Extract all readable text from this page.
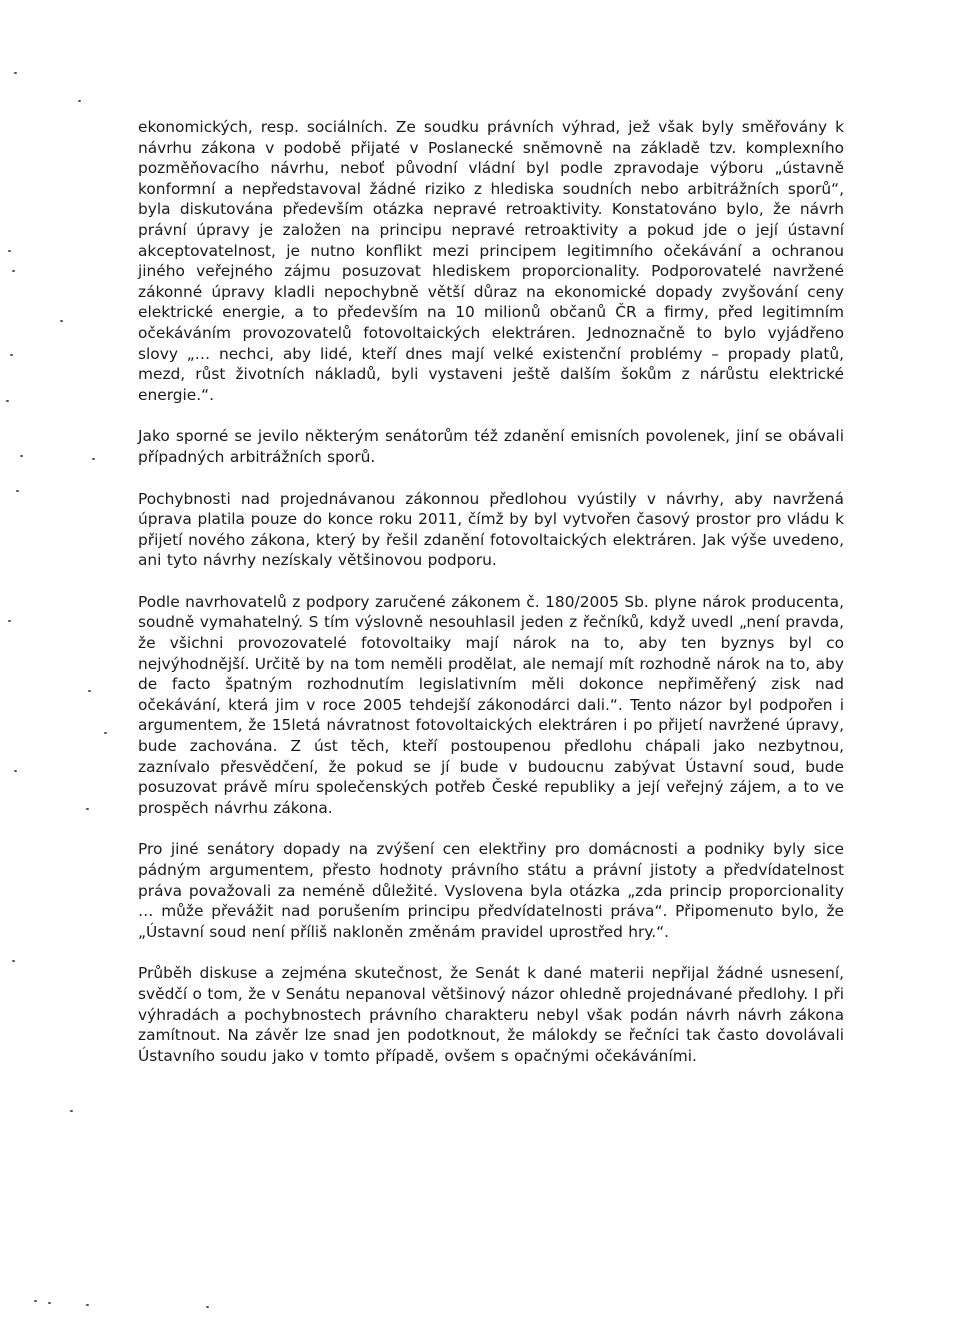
ekonomických, resp. sociálních. Ze soudku právních výhrad, jež však byly směřovány k návrhu zákona v podobě přijaté v Poslanecké sněmovně na základě tzv. komplexního pozměňovacího návrhu, neboť původní vládní byl podle zpravodaje výboru „ústavně konformní a nepředstavoval žádné riziko z hlediska soudních nebo arbitrážních sporů“, byla diskutována především otázka nepravé retroaktivity. Konstatováno bylo, že návrh právní úpravy je založen na principu nepravé retroaktivity a pokud jde o její ústavní akceptovatelnost, je nutno konflikt mezi principem legitimního očekávání a ochranou jiného veřejného zájmu posuzovat hlediskem proporcionality. Podporovatelé navržené zákonné úpravy kladli nepochybně větší důraz na ekonomické dopady zvyšování ceny elektrické energie, a to především na 10 milionů občanů ČR a firmy, před legitimním očekáváním provozovatelů fotovoltaických elektráren. Jednoznačně to bylo vyjádřeno slovy „… nechci, aby lidé, kteří dnes mají velké existenční problémy – propady platů, mezd, růst životních nákladů, byli vystaveni ještě dalším šokům z nárůstu elektrické energie.“.

Jako sporné se jevilo některým senátorům též zdanění emisních povolenek, jiní se obávali případných arbitrážních sporů.

Pochybnosti nad projednávanou zákonnou předlohou vyústily v návrhy, aby navržená úprava platila pouze do konce roku 2011, čímž by byl vytvořen časový prostor pro vládu k přijetí nového zákona, který by řešil zdanění fotovoltaických elektráren. Jak výše uvedeno, ani tyto návrhy nezískaly většinovou podporu.

Podle navrhovatelů z podpory zaručené zákonem č. 180/2005 Sb. plyne nárok producenta, soudně vymahatelný. S tím výslovně nesouhlasil jeden z řečníků, když uvedl „není pravda, že všichni provozovatelé fotovoltaiky mají nárok na to, aby ten byznys byl co nejvýhodnější. Určitě by na tom neměli prodělat, ale nemají mít rozhodně nárok na to, aby de facto špatným rozhodnutím legislativním měli dokonce nepřiměřený zisk nad očekávání, která jim v roce 2005 tehdejší zákonodárci dali.“. Tento názor byl podpořen i argumentem, že 15letá návratnost fotovoltaických elektráren i po přijetí navržené úpravy, bude zachována. Z úst těch, kteří postoupenou předlohu chápali jako nezbytnou, zaznívalo přesvědčení, že pokud se jí bude v budoucnu zabývat Ústavní soud, bude posuzovat právě míru společenských potřeb České republiky a její veřejný zájem, a to ve prospěch návrhu zákona.

Pro jiné senátory dopady na zvýšení cen elektřiny pro domácnosti a podniky byly sice pádným argumentem, přesto hodnoty právního státu a právní jistoty a předvídatelnost práva považovali za neméně důležité. Vyslovena byla otázka „zda princip proporcionality … může převážit nad porušením principu předvídatelnosti práva“. Připomenuto bylo, že „Ústavní soud není příliš nakloněn změnám pravidel uprostřed hry.“.

Průběh diskuse a zejména skutečnost, že Senát k dané materii nepřijal žádné usnesení, svědčí o tom, že v Senátu nepanoval většinový názor ohledně projednávané předlohy. I při výhradách a pochybnostech právního charakteru nebyl však podán návrh návrh zákona zamítnout. Na závěr lze snad jen podotknout, že málokdy se řečníci tak často dovolávali Ústavního soudu jako v tomto případě, ovšem s opačnými očekáváními.
